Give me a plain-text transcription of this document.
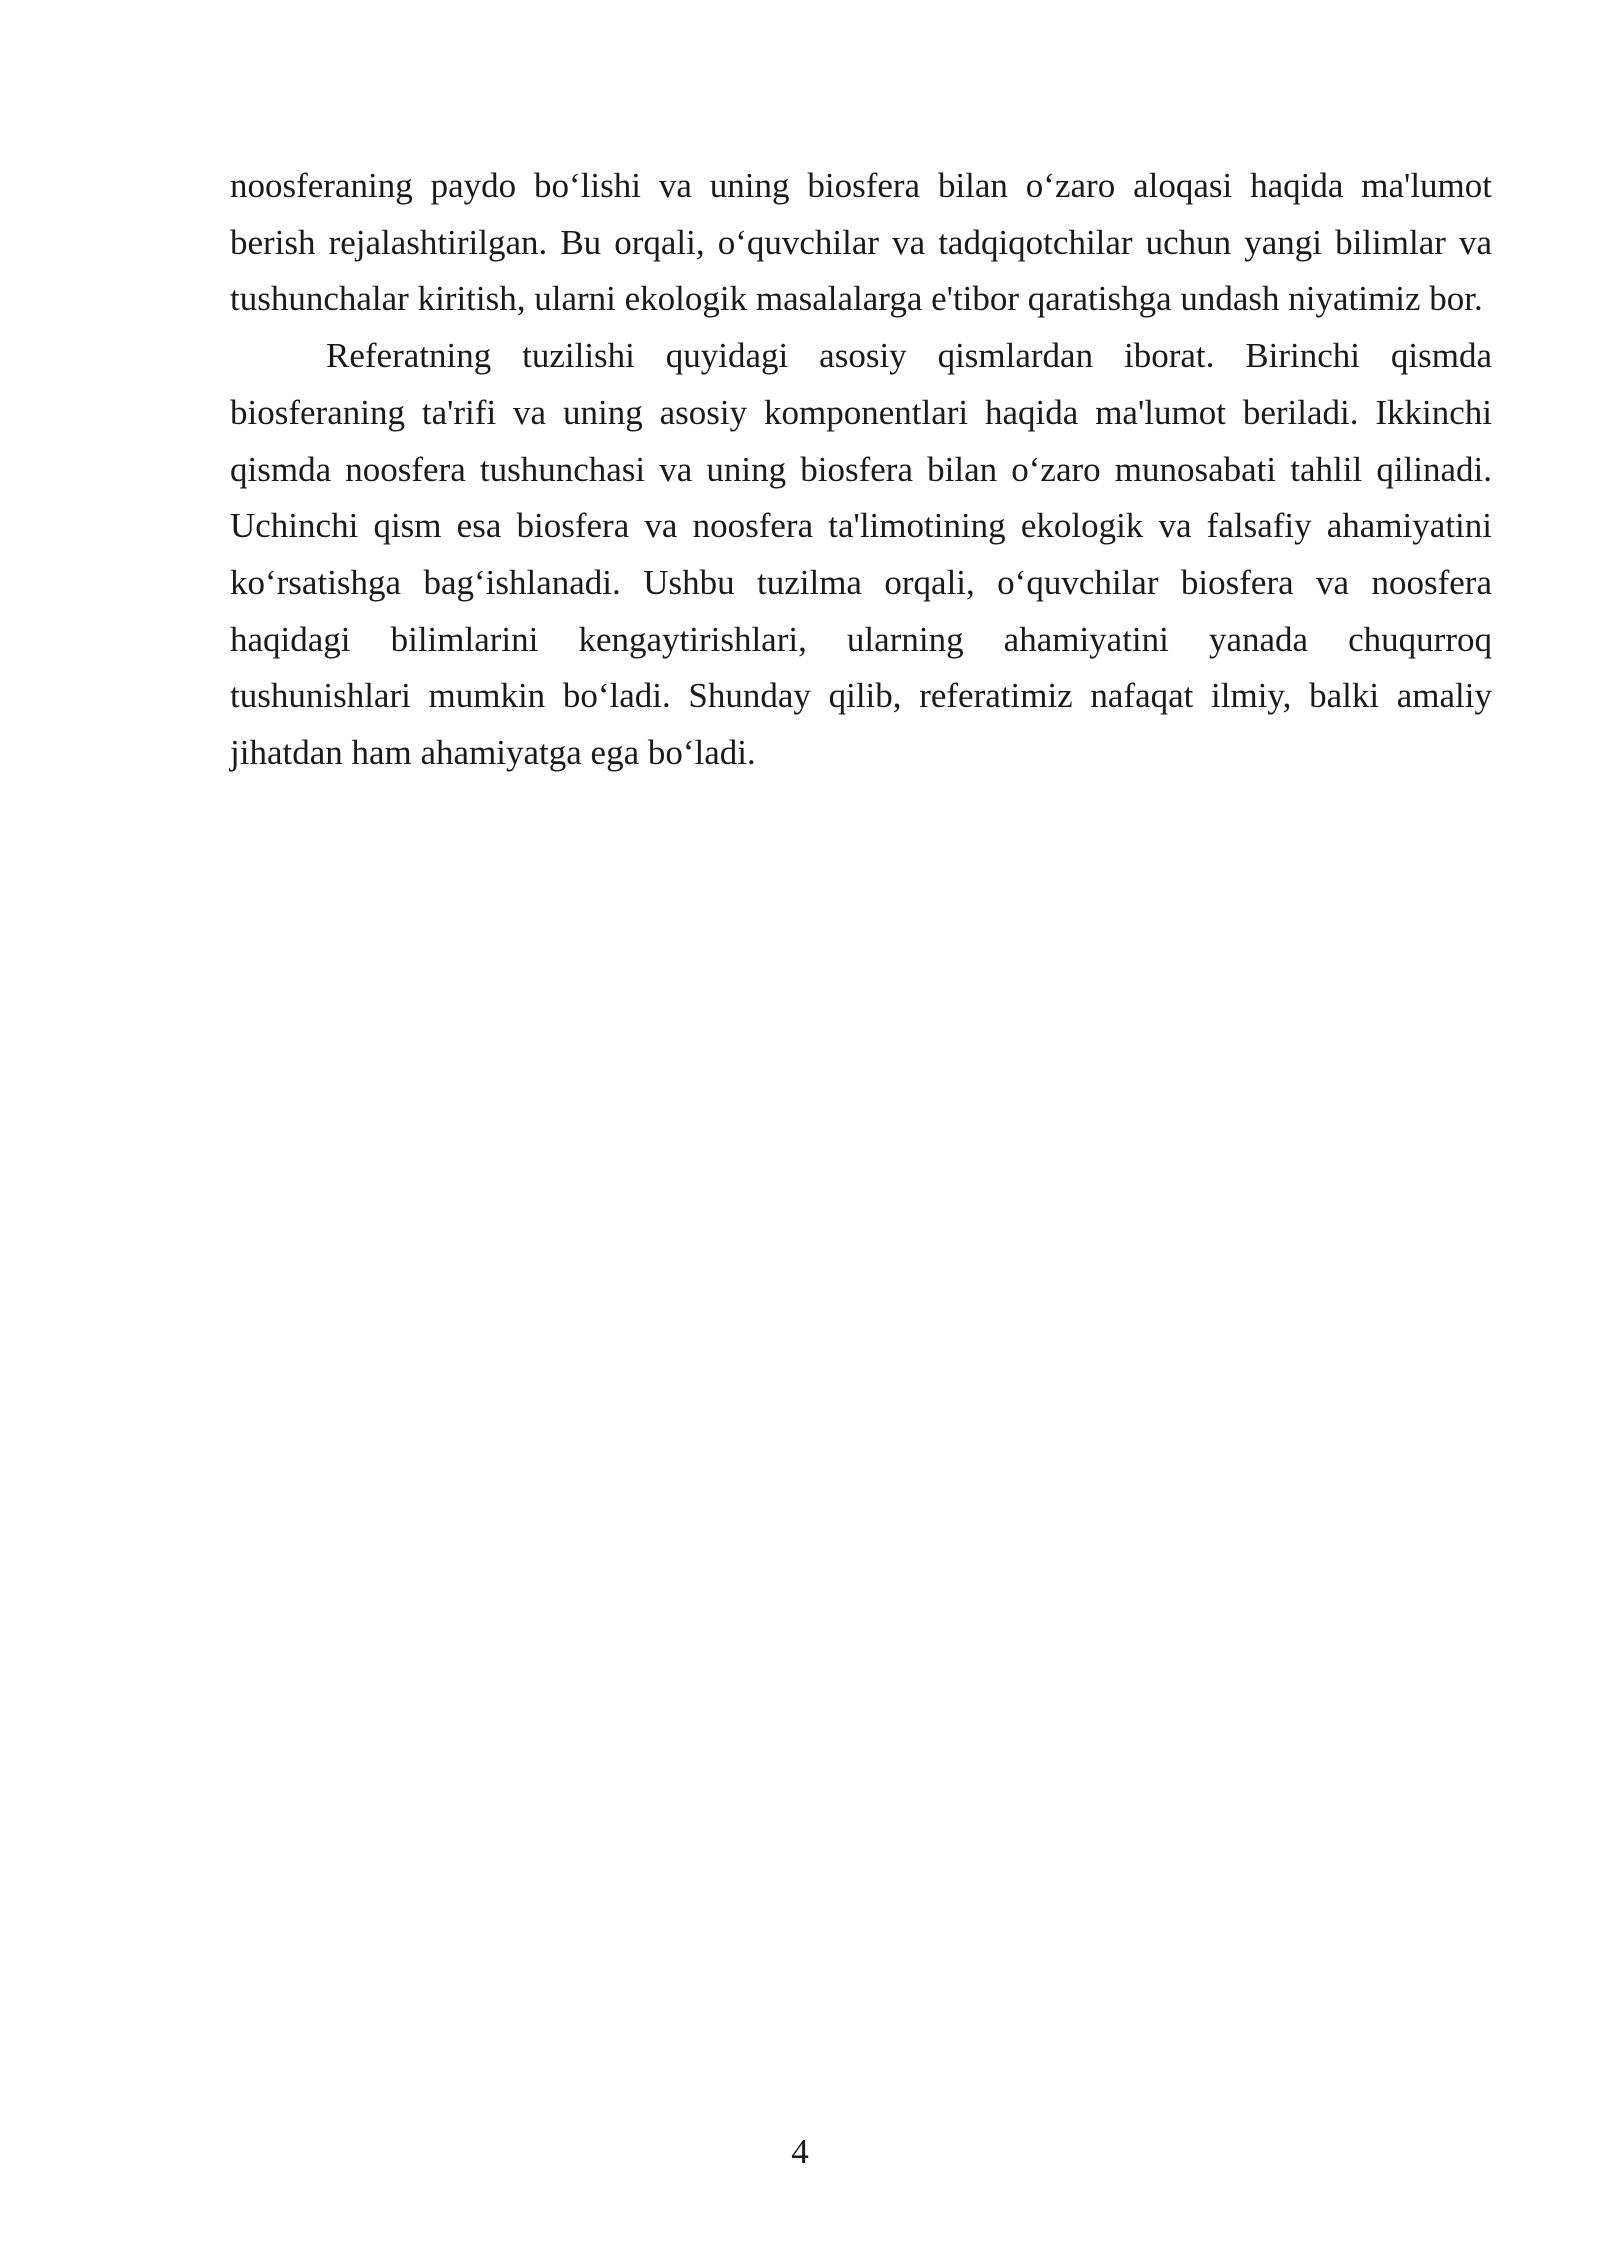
noosferaning paydo bo‘lishi va uning biosfera bilan o‘zaro aloqasi haqida ma'lumot berish rejalashtirilgan. Bu orqali, o‘quvchilar va tadqiqotchilar uchun yangi bilimlar va tushunchalar kiritish, ularni ekologik masalalarga e'tibor qaratishga undash niyatimiz bor.

Referatning tuzilishi quyidagi asosiy qismlardan iborat. Birinchi qismda biosferaning ta'rifi va uning asosiy komponentlari haqida ma'lumot beriladi. Ikkinchi qismda noosfera tushunchasi va uning biosfera bilan o‘zaro munosabati tahlil qilinadi. Uchinchi qism esa biosfera va noosfera ta'limotining ekologik va falsafiy ahamiyatini ko‘rsatishga bag‘ishlanadi. Ushbu tuzilma orqali, o‘quvchilar biosfera va noosfera haqidagi bilimlarini kengaytirishlari, ularning ahamiyatini yanada chuqurroq tushunishlari mumkin bo‘ladi. Shunday qilib, referatimiz nafaqat ilmiy, balki amaliy jihatdan ham ahamiyatga ega bo‘ladi.

4
